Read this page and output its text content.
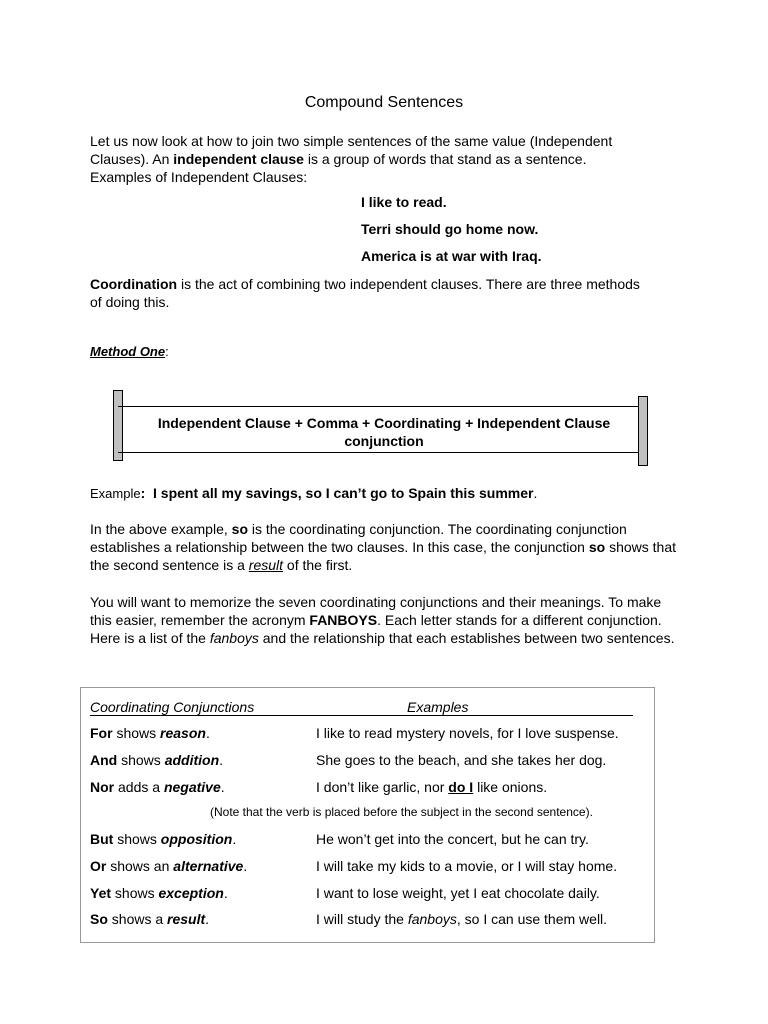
Compound Sentences
Let us now look at how to join two simple sentences of the same value (Independent Clauses). An independent clause is a group of words that stand as a sentence. Examples of Independent Clauses:
I like to read.
Terri should go home now.
America is at war with Iraq.
Coordination is the act of combining two independent clauses. There are three methods of doing this.
Method One:
Independent Clause + Comma + Coordinating + Independent Clause
conjunction
Example: I spent all my savings, so I can’t go to Spain this summer.
In the above example, so is the coordinating conjunction. The coordinating conjunction establishes a relationship between the two clauses. In this case, the conjunction so shows that the second sentence is a result of the first.
You will want to memorize the seven coordinating conjunctions and their meanings. To make this easier, remember the acronym FANBOYS. Each letter stands for a different conjunction. Here is a list of the fanboys and the relationship that each establishes between two sentences.
Coordinating Conjunctions	Examples
For shows reason.	I like to read mystery novels, for I love suspense.
And shows addition.	She goes to the beach, and she takes her dog.
Nor adds a negative.	I don’t like garlic, nor do I like onions.
(Note that the verb is placed before the subject in the second sentence).
But shows opposition.	He won’t get into the concert, but he can try.
Or shows an alternative.	I will take my kids to a movie, or I will stay home.
Yet shows exception.	I want to lose weight, yet I eat chocolate daily.
So shows a result.	I will study the fanboys, so I can use them well.
